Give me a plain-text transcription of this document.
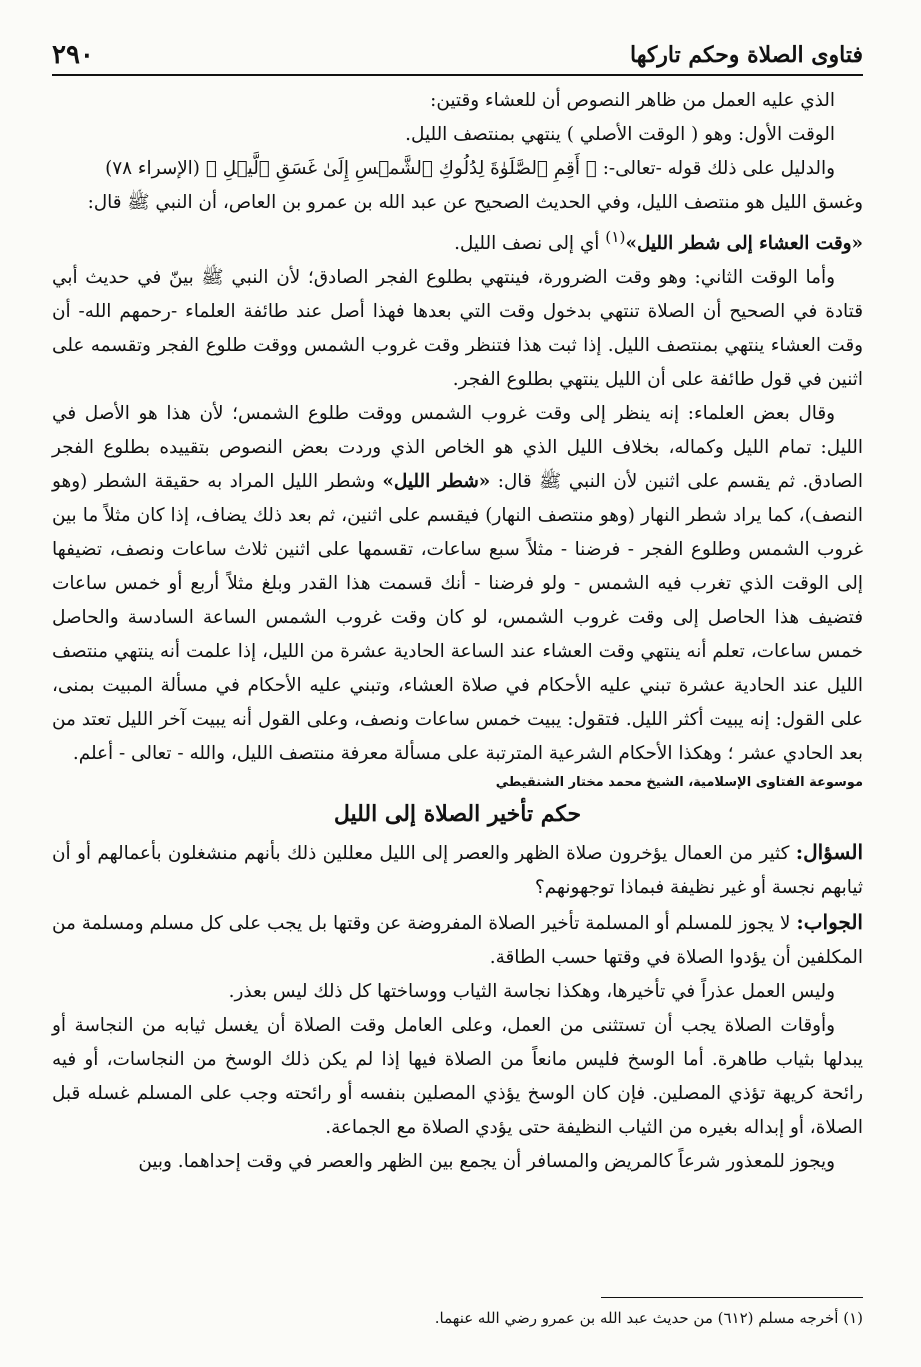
فتاوى الصلاة وحكم تاركها
٢٩٠

الذي عليه العمل من ظاهر النصوص أن للعشاء وقتين:

الوقت الأول: وهو ( الوقت الأصلي ) ينتهي بمنتصف الليل.

والدليل على ذلك قوله -تعالى-: ﴿ أَقِمِ ٱلصَّلَوٰةَ لِدُلُوكِ ٱلشَّمۡسِ إِلَىٰ غَسَقِ ٱلَّيۡلِ ﴾ (الإسراء ٧٨)

وغسق الليل هو منتصف الليل، وفي الحديث الصحيح عن عبد الله بن عمرو بن العاص، أن النبي ﷺ قال:

«وقت العشاء إلى شطر الليل»$^{(١)}$ أي إلى نصف الليل.

وأما الوقت الثاني: وهو وقت الضرورة، فينتهي بطلوع الفجر الصادق؛ لأن النبي ﷺ بينّ في حديث أبي قتادة في الصحيح أن الصلاة تنتهي بدخول وقت التي بعدها فهذا أصل عند طائفة العلماء -رحمهم الله- أن وقت العشاء ينتهي بمنتصف الليل. إذا ثبت هذا فتنظر وقت غروب الشمس ووقت طلوع الفجر وتقسمه على اثنين في قول طائفة على أن الليل ينتهي بطلوع الفجر.

وقال بعض العلماء: إنه ينظر إلى وقت غروب الشمس ووقت طلوع الشمس؛ لأن هذا هو الأصل في الليل: تمام الليل وكماله، بخلاف الليل الذي هو الخاص الذي وردت بعض النصوص بتقييده بطلوع الفجر الصادق. ثم يقسم على اثنين لأن النبي ﷺ قال: «شطر الليل» وشطر الليل المراد به حقيقة الشطر (وهو النصف)، كما يراد شطر النهار (وهو منتصف النهار) فيقسم على اثنين، ثم بعد ذلك يضاف، إذا كان مثلاً ما بين غروب الشمس وطلوع الفجر - فرضنا - مثلاً سبع ساعات، تقسمها على اثنين ثلاث ساعات ونصف، تضيفها إلى الوقت الذي تغرب فيه الشمس - ولو فرضنا - أنك قسمت هذا القدر وبلغ مثلاً أربع أو خمس ساعات فتضيف هذا الحاصل إلى وقت غروب الشمس، لو كان وقت غروب الشمس الساعة السادسة والحاصل خمس ساعات، تعلم أنه ينتهي وقت العشاء عند الساعة الحادية عشرة من الليل، إذا علمت أنه ينتهي منتصف الليل عند الحادية عشرة تبني عليه الأحكام في صلاة العشاء، وتبني عليه الأحكام في مسألة المبيت بمنى، على القول: إنه يبيت أكثر الليل. فتقول: يبيت خمس ساعات ونصف، وعلى القول أنه يبيت آخر الليل تعتد من بعد الحادي عشر ؛ وهكذا الأحكام الشرعية المترتبة على مسألة معرفة منتصف الليل، والله - تعالى - أعلم.

موسوعة الفتاوى الإسلامية، الشيخ محمد مختار الشنقيطي
حكم تأخير الصلاة إلى الليل

السؤال: كثير من العمال يؤخرون صلاة الظهر والعصر إلى الليل معللين ذلك بأنهم منشغلون بأعمالهم أو أن ثيابهم نجسة أو غير نظيفة فبماذا توجهونهم؟

الجواب: لا يجوز للمسلم أو المسلمة تأخير الصلاة المفروضة عن وقتها بل يجب على كل مسلم ومسلمة من المكلفين أن يؤدوا الصلاة في وقتها حسب الطاقة.

وليس العمل عذراً في تأخيرها، وهكذا نجاسة الثياب ووساختها كل ذلك ليس بعذر.

وأوقات الصلاة يجب أن تستثنى من العمل، وعلى العامل وقت الصلاة أن يغسل ثيابه من النجاسة أو يبدلها بثياب طاهرة. أما الوسخ فليس مانعاً من الصلاة فيها إذا لم يكن ذلك الوسخ من النجاسات، أو فيه رائحة كريهة تؤذي المصلين. فإن كان الوسخ يؤذي المصلين بنفسه أو رائحته وجب على المسلم غسله قبل الصلاة، أو إبداله بغيره من الثياب النظيفة حتى يؤدي الصلاة مع الجماعة.

ويجوز للمعذور شرعاً كالمريض والمسافر أن يجمع بين الظهر والعصر في وقت إحداهما. وبين

(١) أخرجه مسلم (٦١٢) من حديث عبد الله بن عمرو رضي الله عنهما.
